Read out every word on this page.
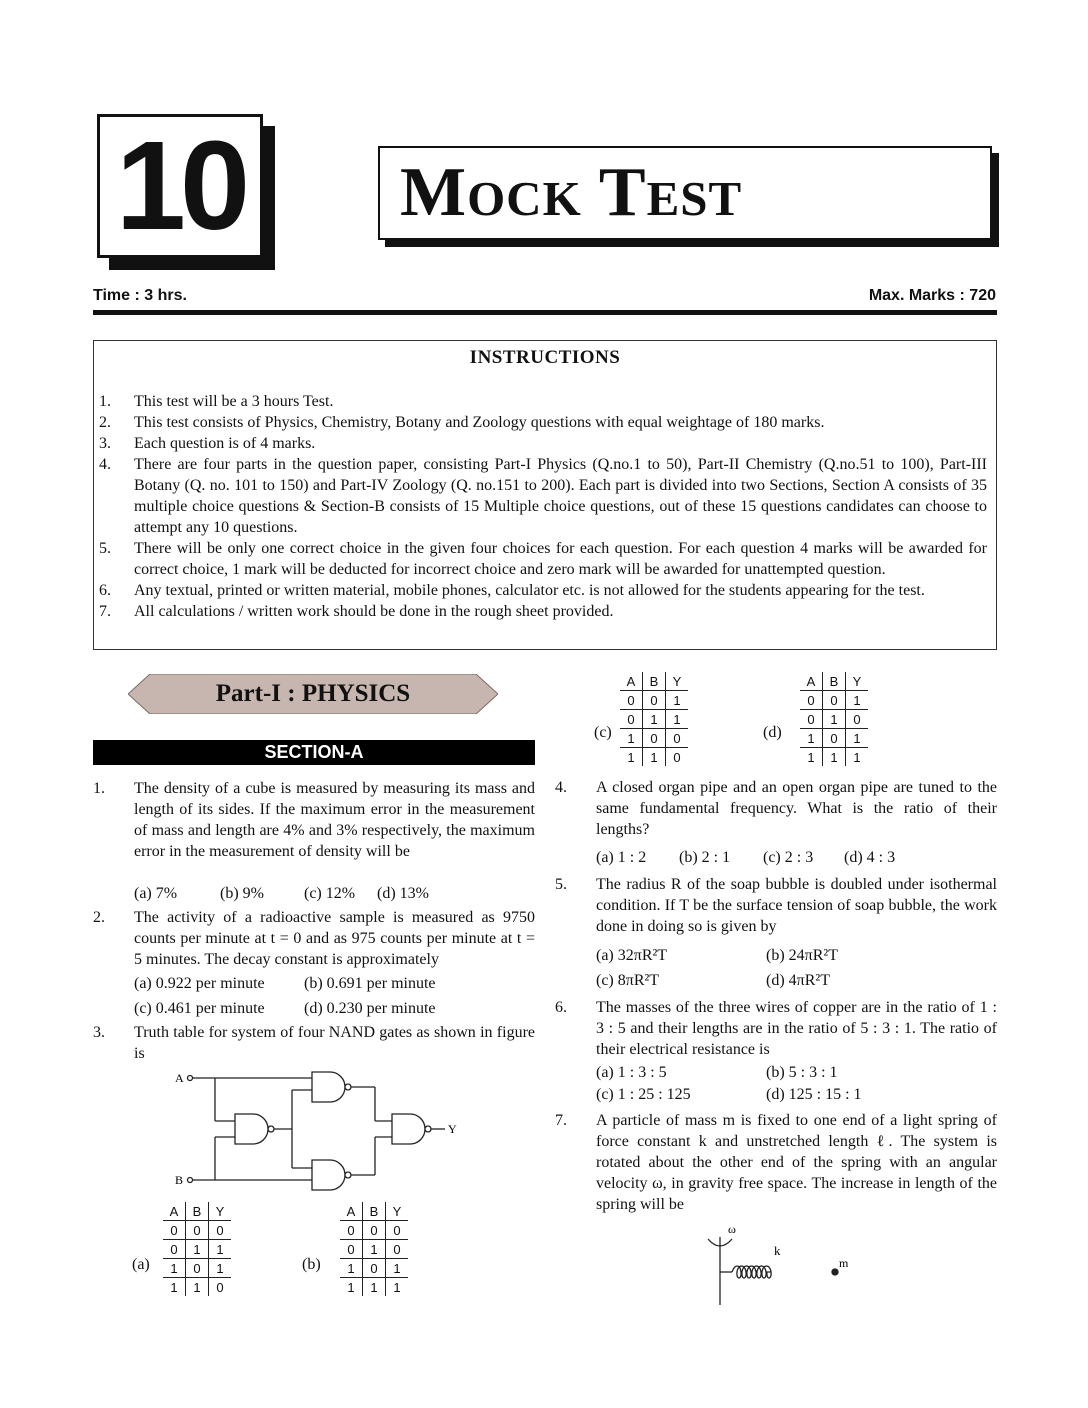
10 Mock Test
Time : 3 hrs.	Max. Marks : 720
INSTRUCTIONS
1. This test will be a 3 hours Test.
2. This test consists of Physics, Chemistry, Botany and Zoology questions with equal weightage of 180 marks.
3. Each question is of 4 marks.
4. There are four parts in the question paper, consisting Part-I Physics (Q.no.1 to 50), Part-II Chemistry (Q.no.51 to 100), Part-III Botany (Q. no. 101 to 150) and Part-IV Zoology (Q. no.151 to 200). Each part is divided into two Sections, Section A consists of 35 multiple choice questions & Section-B consists of 15 Multiple choice questions, out of these 15 questions candidates can choose to attempt any 10 questions.
5. There will be only one correct choice in the given four choices for each question. For each question 4 marks will be awarded for correct choice, 1 mark will be deducted for incorrect choice and zero mark will be awarded for unattempted question.
6. Any textual, printed or written material, mobile phones, calculator etc. is not allowed for the students appearing for the test.
7. All calculations / written work should be done in the rough sheet provided.
Part-I : PHYSICS
SECTION-A
1. The density of a cube is measured by measuring its mass and length of its sides. If the maximum error in the measurement of mass and length are 4% and 3% respectively, the maximum error in the measurement of density will be
(a) 7%	(b) 9%	(c) 12% (d) 13%
2. The activity of a radioactive sample is measured as 9750 counts per minute at t = 0 and as 975 counts per minute at t = 5 minutes. The decay constant is approximately
(a) 0.922 per minute (b) 0.691 per minute
(c) 0.461 per minute (d) 0.230 per minute
3. Truth table for system of four NAND gates as shown in figure is
A
B
Y
(a)
A	B	Y
0	0	0
0	1	1
1	0	1
1	1	0
(b)
A	B	Y
0	0	0
0	1	0
1	0	1
1	1	1
(c)
A	B	Y
0	0	1
0	1	1
1	0	0
1	1	0
(d)
A	B	Y
0	0	1
0	1	0
1	0	1
1	1	1
4. A closed organ pipe and an open organ pipe are tuned to the same fundamental frequency. What is the ratio of their lengths?
(a) 1 : 2 (b) 2 : 1 (c) 2 : 3 (d) 4 : 3
5. The radius R of the soap bubble is doubled under isothermal condition. If T be the surface tension of soap bubble, the work done in doing so is given by
(a) 32πR²T	(b) 24πR²T
(c) 8πR²T	(d) 4πR²T
6. The masses of the three wires of copper are in the ratio of 1 : 3 : 5 and their lengths are in the ratio of 5 : 3 : 1. The ratio of their electrical resistance is
(a) 1 : 3 : 5	(b) 5 : 3 : 1
(c) 1 : 25 : 125	(d) 125 : 15 : 1
7. A particle of mass m is fixed to one end of a light spring of force constant k and unstretched length ℓ. The system is rotated about the other end of the spring with an angular velocity ω, in gravity free space. The increase in length of the spring will be
ω
k
m
